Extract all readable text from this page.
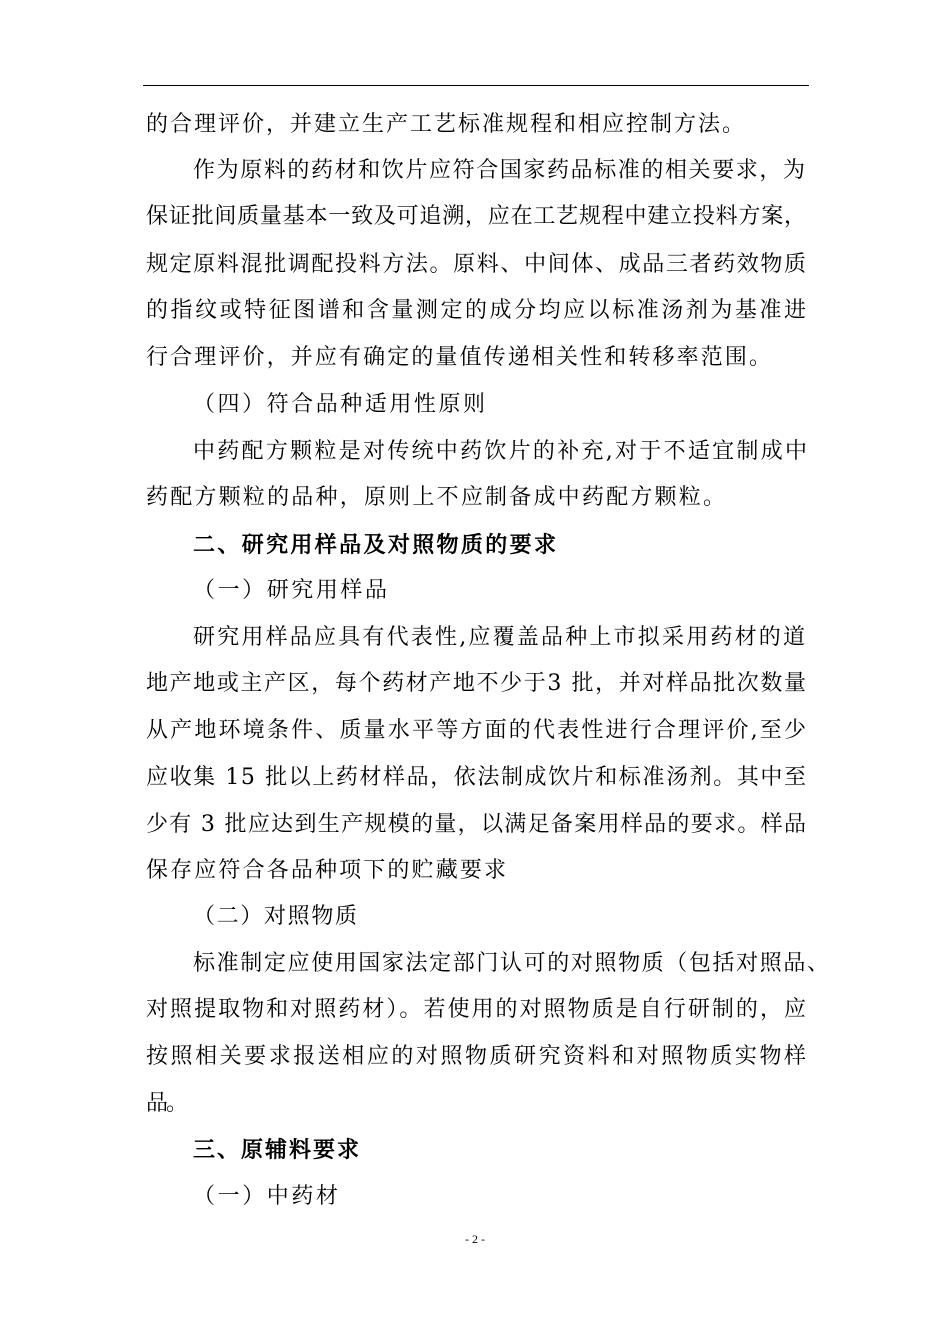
的合理评价，并建立生产工艺标准规程和相应控制方法。
作为原料的药材和饮片应符合国家药品标准的相关要求，为
保证批间质量基本一致及可追溯，应在工艺规程中建立投料方案，
规定原料混批调配投料方法。原料、中间体、成品三者药效物质
的指纹或特征图谱和含量测定的成分均应以标准汤剂为基准进
行合理评价，并应有确定的量值传递相关性和转移率范围。
（四）符合品种适用性原则
中药配方颗粒是对传统中药饮片的补充,对于不适宜制成中
药配方颗粒的品种，原则上不应制备成中药配方颗粒。
二、研究用样品及对照物质的要求
（一）研究用样品
研究用样品应具有代表性,应覆盖品种上市拟采用药材的道
地产地或主产区，每个药材产地不少于3 批，并对样品批次数量
从产地环境条件、质量水平等方面的代表性进行合理评价,至少
应收集 15 批以上药材样品，依法制成饮片和标准汤剂。其中至
少有 3 批应达到生产规模的量，以满足备案用样品的要求。样品
保存应符合各品种项下的贮藏要求
（二）对照物质
标准制定应使用国家法定部门认可的对照物质（包括对照品、
对照提取物和对照药材）。若使用的对照物质是自行研制的，应
按照相关要求报送相应的对照物质研究资料和对照物质实物样
品。
三、原辅料要求
（一）中药材
- 2 -
